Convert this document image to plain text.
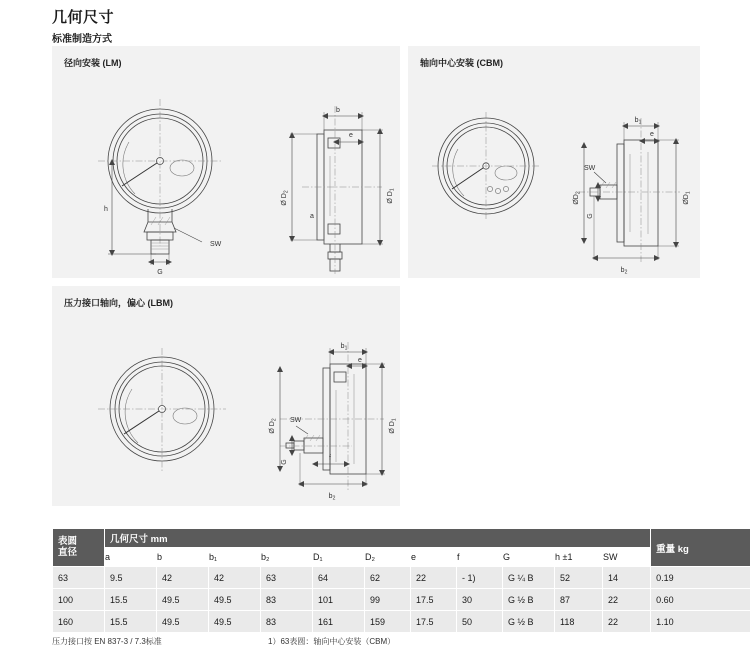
几何尺寸
标准制造方式
径向安装 (LM)
b
e
h
G
SW
Ø $D_2$	Ø $D_1$
a
轴向中心安装 (CBM)
$b_1$
e
$b_2$
$ØD_2$
G
$ØD_1$
SW
压力接口轴向，偏心 (LBM)
$b_1$
e
$b_2$
f
Ø $D_2$
G
Ø $D_1$
SW
表圆
直径	几何尺寸 mm											重量 kg
	a	b	b₁	b₂	D₁	D₂	e	f	G	h ±1	SW	
63	9.5	42	42	63	64	62	22	- 1)	G ¼ B	52	14	0.19
100	15.5	49.5	49.5	83	101	99	17.5	30	G ½ B	87	22	0.60
160	15.5	49.5	49.5	83	161	159	17.5	50	G ½ B	118	22	1.10
压力接口按 EN 837-3 / 7.3标准	1）63表圆：轴向中心安装（CBM）
